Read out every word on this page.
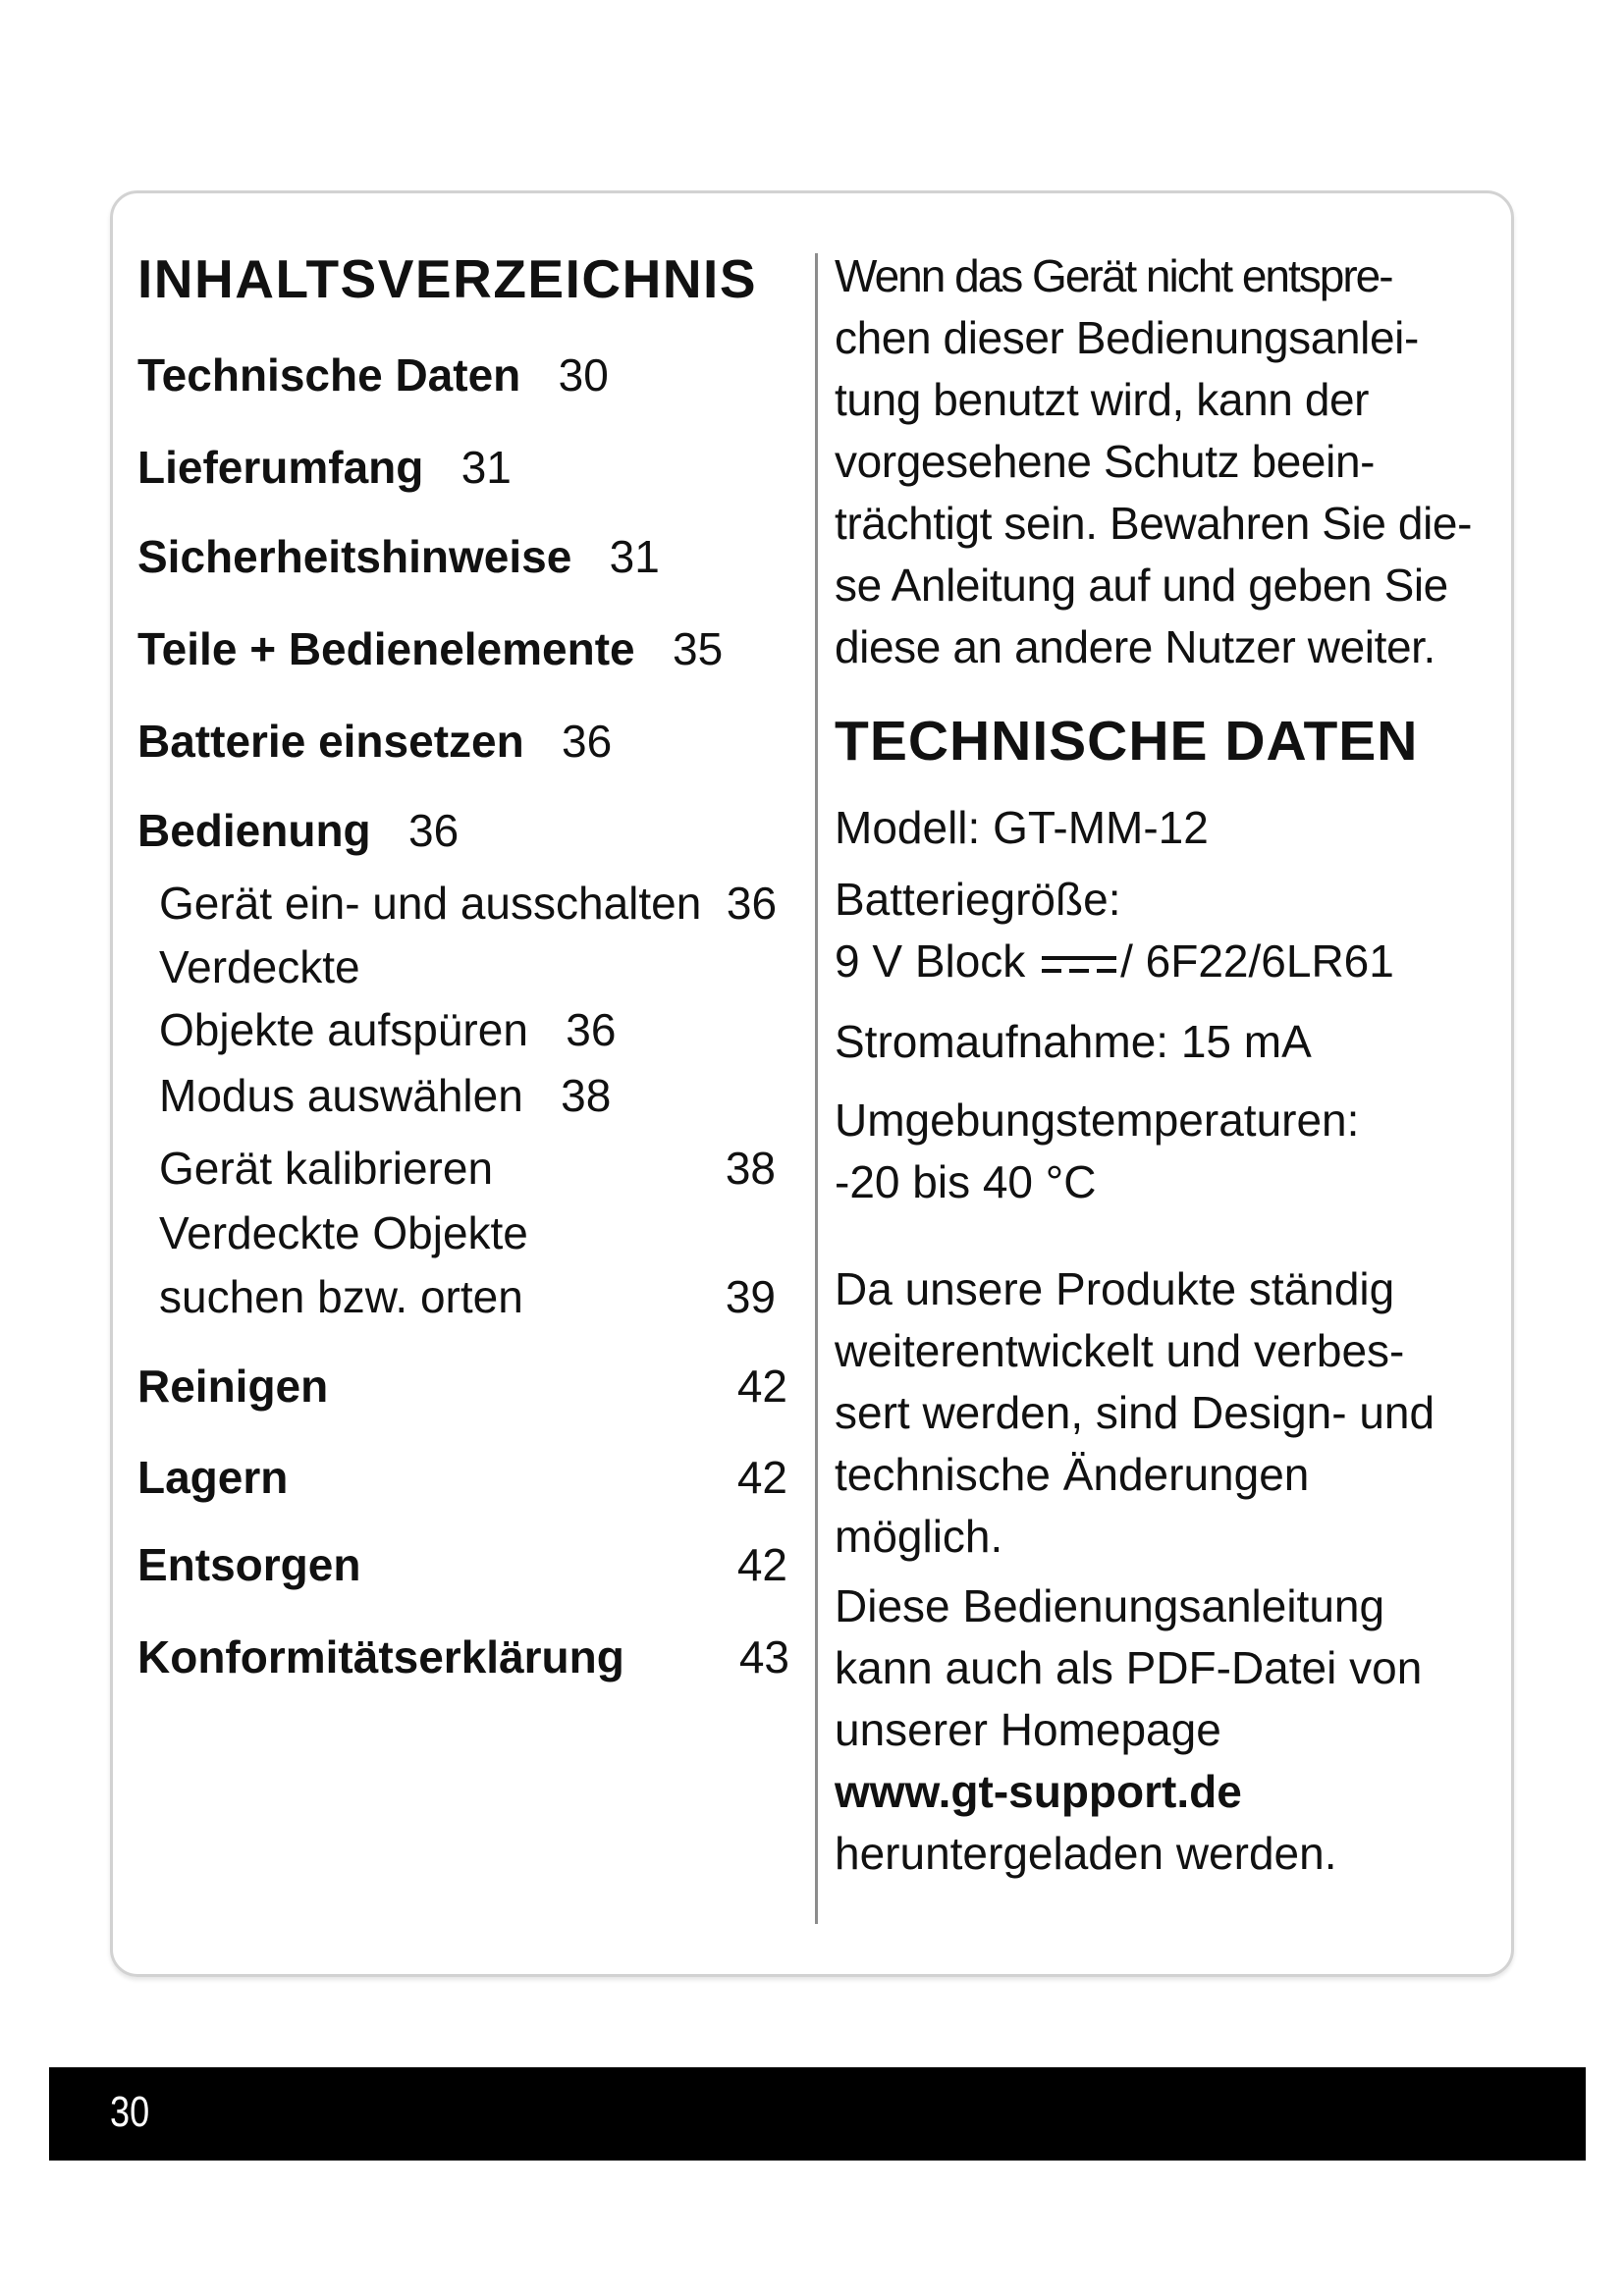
INHALTSVERZEICHNIS
Technische Daten 30
Lieferumfang 31
Sicherheitshinweise 31
Teile + Bedienelemente 35
Batterie einsetzen 36
Bedienung 36
Gerät ein- und ausschalten 36
Verdeckte
Objekte aufspüren 36
Modus auswählen 38
Gerät kalibrieren	38
Verdeckte Objekte
suchen bzw. orten	39
Reinigen	42
Lagern	42
Entsorgen	42
Konformitätserklärung	43

Wenn das Gerät nicht entspre-

chen dieser Bedienungsanlei-

tung benutzt wird, kann der

vorgesehene Schutz beein-

trächtigt sein. Bewahren Sie die-

se Anleitung auf und geben Sie

diese an andere Nutzer weiter.

TECHNISCHE DATEN
Modell: GT-MM-12
Batteriegröße:
9 V Block / 6F22/6LR61
Stromaufnahme: 15 mA
Umgebungstemperaturen:
-20 bis 40 °C

Da unsere Produkte ständig

weiterentwickelt und verbes-

sert werden, sind Design- und

technische Änderungen

möglich.

Diese Bedienungsanleitung

kann auch als PDF-Datei von

unserer Homepage

www.gt-support.de

heruntergeladen werden.

30
